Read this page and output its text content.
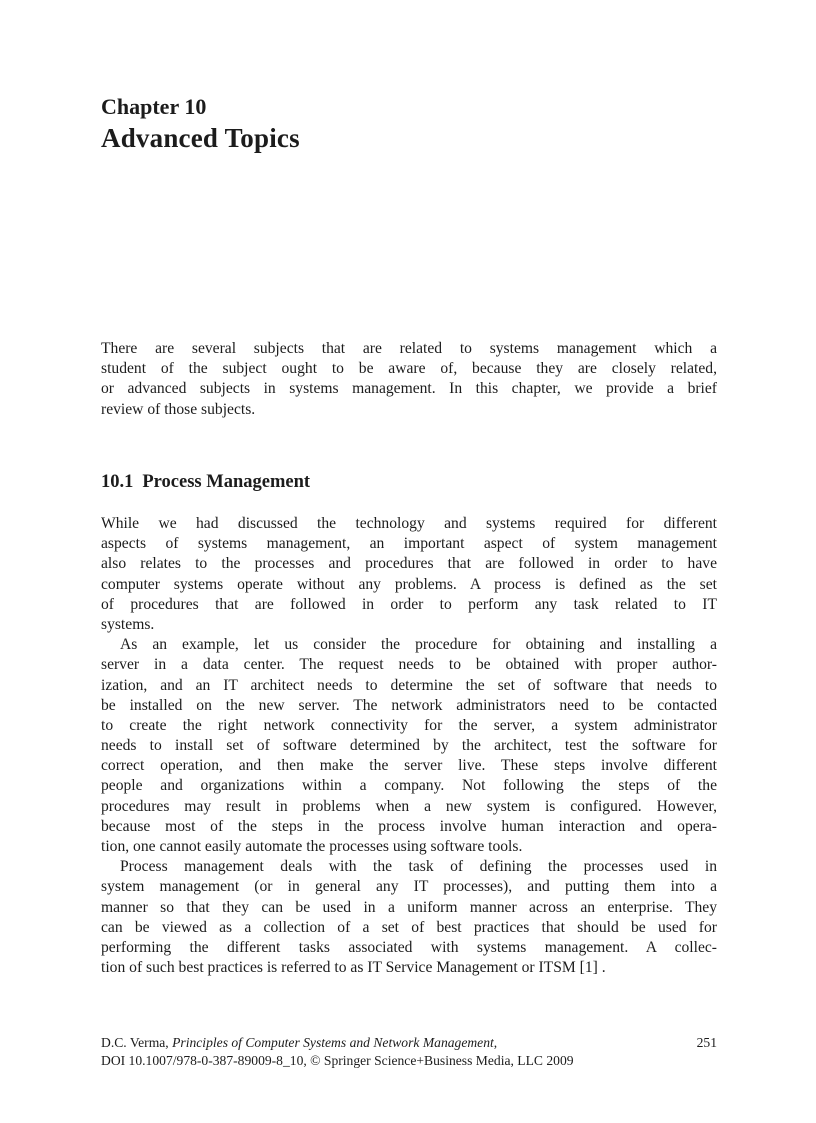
Chapter 10
Advanced Topics
There are several subjects that are related to systems management which a
student of the subject ought to be aware of, because they are closely related,
or advanced subjects in systems management. In this chapter, we provide a brief
review of those subjects.
10.1 Process Management
While we had discussed the technology and systems required for different
aspects of systems management, an important aspect of system management
also relates to the processes and procedures that are followed in order to have
computer systems operate without any problems. A process is defined as the set
of procedures that are followed in order to perform any task related to IT
systems.
As an example, let us consider the procedure for obtaining and installing a
server in a data center. The request needs to be obtained with proper author-
ization, and an IT architect needs to determine the set of software that needs to
be installed on the new server. The network administrators need to be contacted
to create the right network connectivity for the server, a system administrator
needs to install set of software determined by the architect, test the software for
correct operation, and then make the server live. These steps involve different
people and organizations within a company. Not following the steps of the
procedures may result in problems when a new system is configured. However,
because most of the steps in the process involve human interaction and opera-
tion, one cannot easily automate the processes using software tools.
Process management deals with the task of defining the processes used in
system management (or in general any IT processes), and putting them into a
manner so that they can be used in a uniform manner across an enterprise. They
can be viewed as a collection of a set of best practices that should be used for
performing the different tasks associated with systems management. A collec-
tion of such best practices is referred to as IT Service Management or ITSM [1] .
D.C. Verma, Principles of Computer Systems and Network Management,	251
DOI 10.1007/978-0-387-89009-8_10, © Springer Science+Business Media, LLC 2009
